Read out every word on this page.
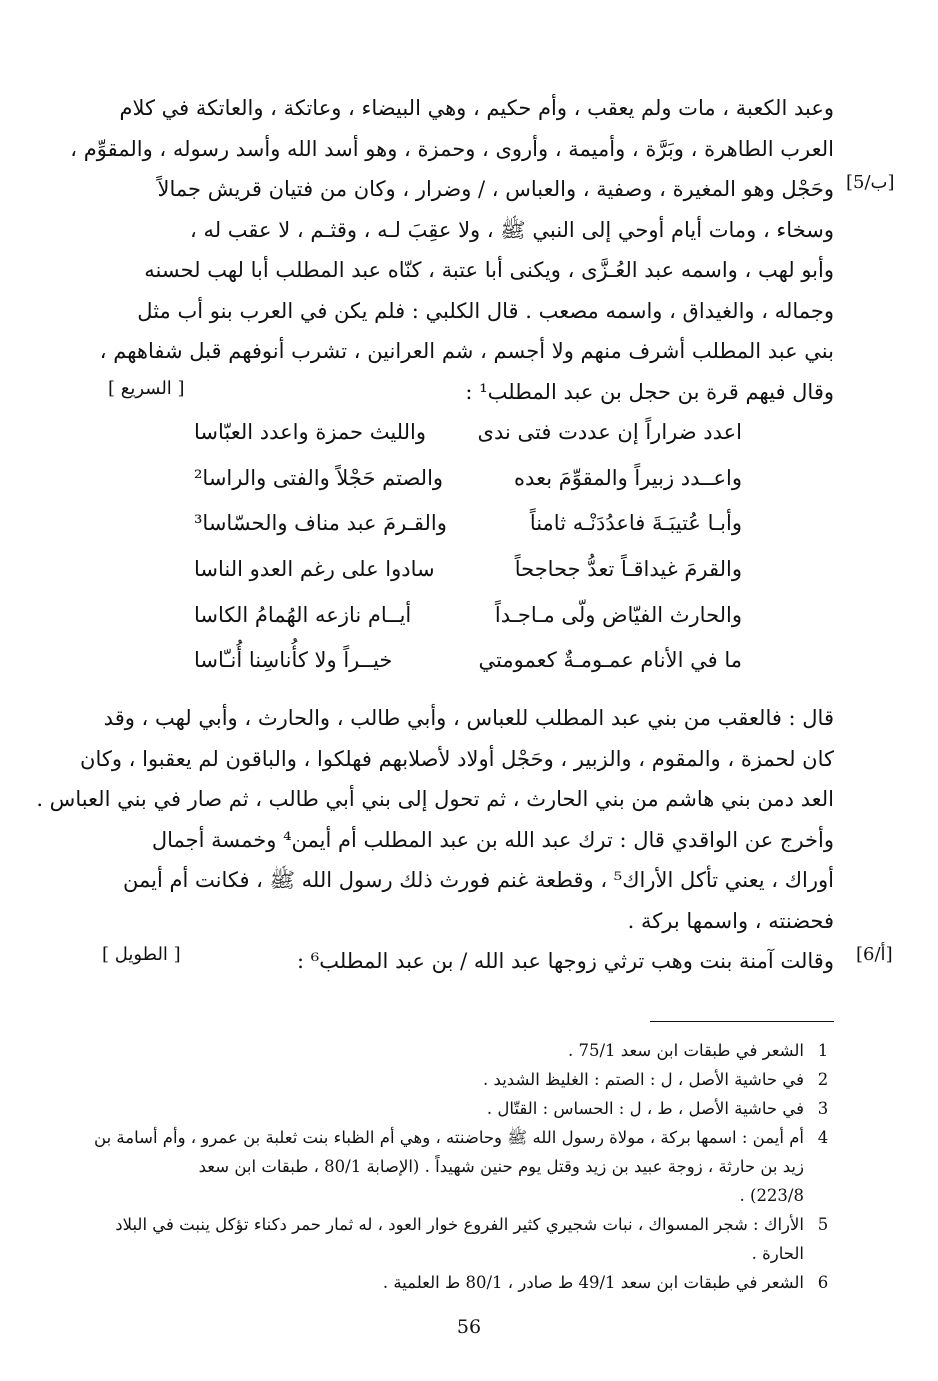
وعبد الكعبة ، مات ولم يعقب ، وأم حكيم ، وهي البيضاء ، وعاتكة ، والعاتكة في كلام
العرب الطاهرة ، وبَرَّة ، وأميمة ، وأروى ، وحمزة ، وهو أسد الله وأسد رسوله ، والمقوِّم ،
وحَجْل وهو المغيرة ، وصفية ، والعباس ، / وضرار ، وكان من فتيان قريش جمالاً
وسخاء ، ومات أيام أوحي إلى النبي ﷺ ، ولا عقِبَ لـه ، وقثـم ، لا عقب له ،
وأبو لهب ، واسمه عبد العُـزَّى ، ويكنى أبا عتبة ، كنّاه عبد المطلب أبا لهب لحسنه
وجماله ، والغيداق ، واسمه مصعب . قال الكلبي : فلم يكن في العرب بنو أب مثل
بني عبد المطلب أشرف منهم ولا أجسم ، شم العرانين ، تشرب أنوفهم قبل شفاههم ،
وقال فيهم قرة بن حجل بن عبد المطلب¹ :
[5/ب]
[ السريع ]
اعدد ضراراً إن عددت فتى ندى
والليث حمزة واعدد العبّاسا
واعــدد زبيراً والمقوِّمَ بعده
والصتم حَجْلاً والفتى والراسا²
وأبـا عُتيبَـةَ فاعدُدَنْـه ثامناً
والقـرمَ عبد مناف والحسّاسا³
والقرمَ غيداقـاً تعدُّ جحاجحاً
سادوا على رغم العدو الناسا
والحارث الفيّاض ولّى مـاجـداً
أيــام نازعه الهُمامُ الكاسا
ما في الأنام عمـومـةٌ كعمومتي
خيــراً ولا كأُناسِنا أُنـّاسا
قال : فالعقب من بني عبد المطلب للعباس ، وأبي طالب ، والحارث ، وأبي لهب ، وقد
كان لحمزة ، والمقوم ، والزبير ، وحَجْل أولاد لأصلابهم فهلكوا ، والباقون لم يعقبوا ، وكان
العد دمن بني هاشم من بني الحارث ، ثم تحول إلى بني أبي طالب ، ثم صار في بني العباس .
وأخرج عن الواقدي قال : ترك عبد الله بن عبد المطلب أم أيمن⁴ وخمسة أجمال
أوراك ، يعني تأكل الأراك⁵ ، وقطعة غنم فورث ذلك رسول الله ﷺ ، فكانت أم أيمن
فحضنته ، واسمها بركة .
وقالت آمنة بنت وهب ترثي زوجها عبد الله / بن عبد المطلب⁶ : [6/أ]
[ الطويل ]
1
الشعر في طبقات ابن سعد 75/1 .
2
في حاشية الأصل ، ل : الصتم : الغليظ الشديد .
3
في حاشية الأصل ، ط ، ل : الحساس : القتّال .
4
أم أيمن : اسمها بركة ، مولاة رسول الله ﷺ وحاضنته ، وهي أم الظباء بنت ثعلبة بن عمرو ، وأم أسامة بن
زيد بن حارثة ، زوجة عبيد بن زيد وقتل يوم حنين شهيداً . (الإصابة 80/1 ، طبقات ابن سعد
223/8) .
5
الأراك : شجر المسواك ، نبات شجيري كثير الفروع خوار العود ، له ثمار حمر دكناء تؤكل ينبت في البلاد
الحارة .
6
الشعر في طبقات ابن سعد 49/1 ط صادر ، 80/1 ط العلمية .
56
